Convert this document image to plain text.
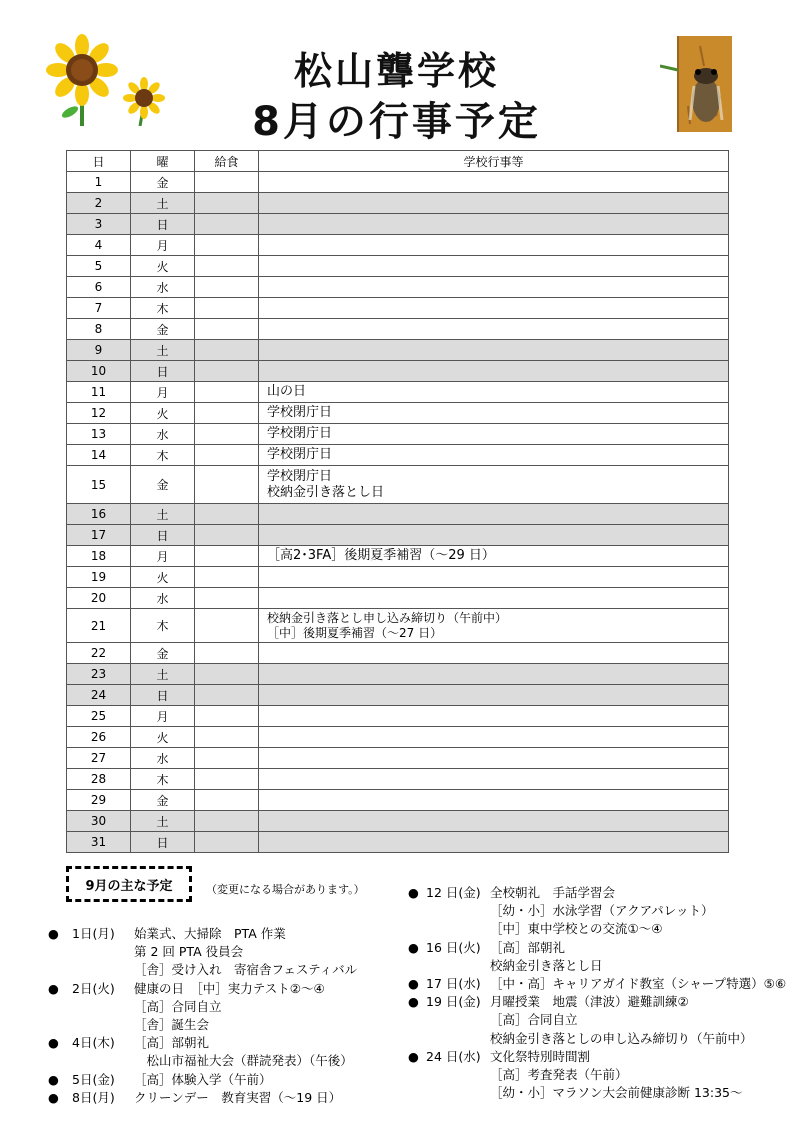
松山聾学校
8月の行事予定
日	曜	給食	学校行事等
1	金		
2	土		
3	日		
4	月		
5	火		
6	水		
7	木		
8	金		
9	土		
10	日		
11	月		山の日

12	火		学校閉庁日

13	水		学校閉庁日

14	木		学校閉庁日

15	金		学校閉庁日
校納金引き落とし日

16	土		
17	日		
18	月		［高2･3FA］後期夏季補習（～29 日）

19	火		
20	水		
21	木		校納金引き落とし申し込み締切り（午前中）
［中］後期夏季補習（～27 日）

22	金		
23	土		
24	日		
25	月		
26	火		
27	水		
28	木		
29	金		
30	土		
31	日		
9月の主な予定	（変更になる場合があります。）
●	1日(月)	始業式、大掃除　PTA 作業
第 2 回 PTA 役員会
［舎］受け入れ　寄宿舎フェスティバル
●	2日(火)	健康の日　［中］実力テスト②～④
［高］合同自立
［舎］誕生会
●	4日(木)	［高］部朝礼
　松山市福祉大会（群読発表）（午後）
●	5日(金)	［高］体験入学（午前）
●	8日(月)	クリーンデー　教育実習（～19 日）
● 12 日(金) 全校朝礼　手話学習会
［幼・小］水泳学習（アクアパレット）
［中］東中学校との交流①～④
● 16 日(火) ［高］部朝礼
校納金引き落とし日
● 17 日(水) ［中・高］キャリアガイド教室（シャープ特選）⑤⑥
● 19 日(金) 月曜授業　地震（津波）避難訓練②
［高］合同自立
校納金引き落としの申し込み締切り（午前中）
● 24 日(水) 文化祭特別時間割
［高］考査発表（午前）
［幼・小］マラソン大会前健康診断 13:35～
